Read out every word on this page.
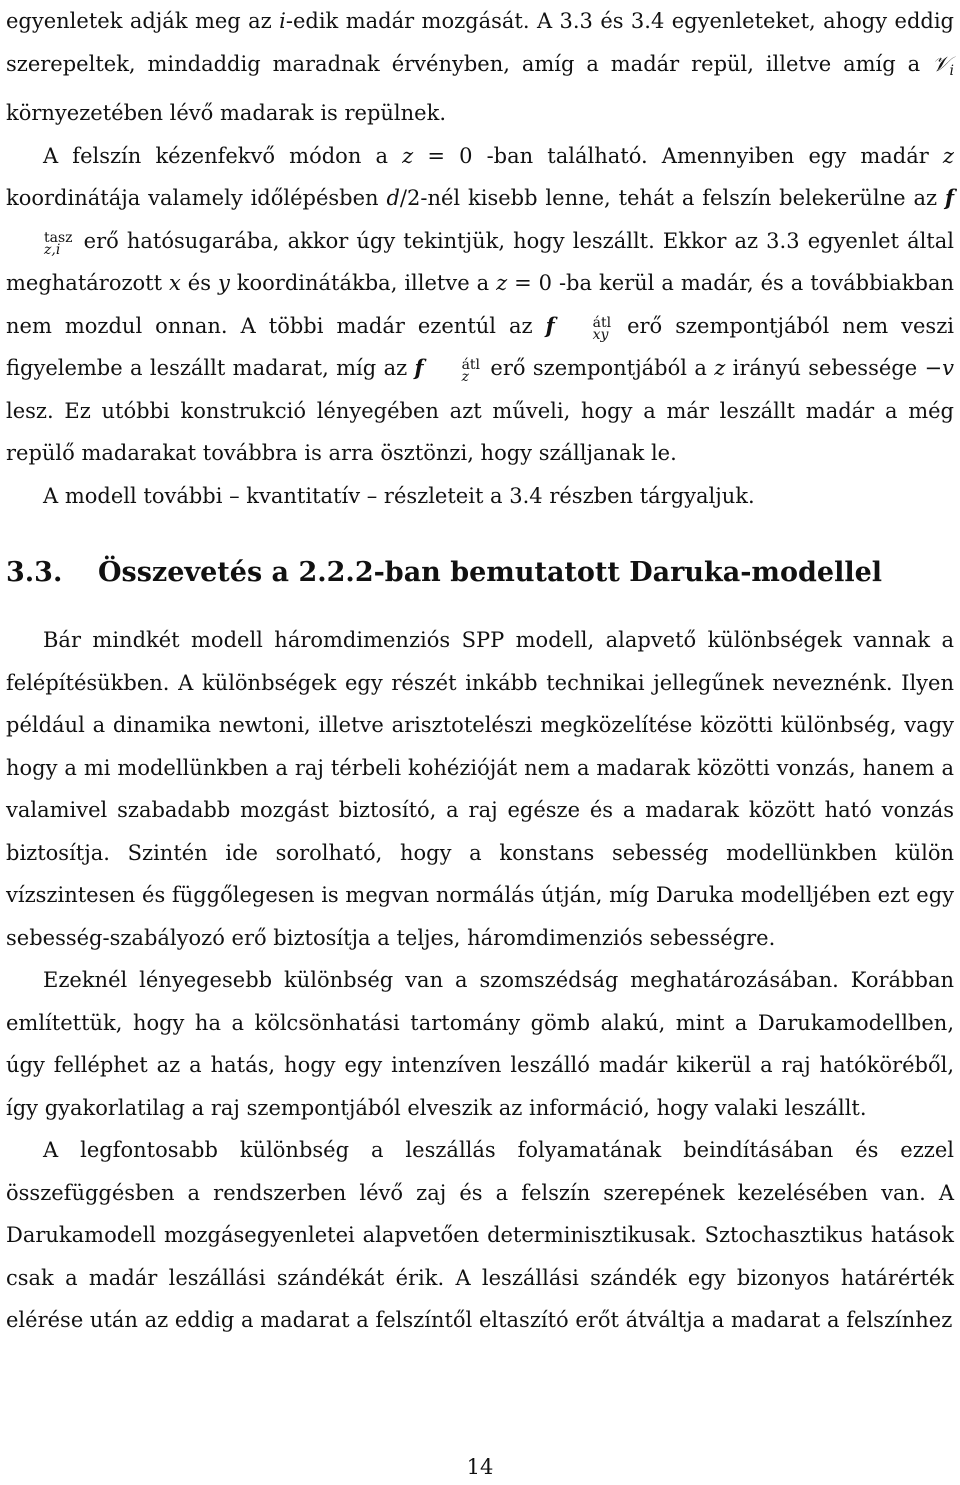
egyenletek adják meg az i-edik madár mozgását. A 3.3 és 3.4 egyenleteket, ahogy eddig szerepeltek, mindaddig maradnak érvényben, amíg a madár repül, illetve amíg a 𝒱$_i$ környezetében lévő madarak is repülnek.

A felszín kézenfekvő módon a z = 0 -ban található. Amennyiben egy madár z koordinátája valamely időlépésben d/2-nél kisebb lenne, tehát a felszín belekerülne az f
tasz
z,i erő hatósugarába, akkor úgy tekintjük, hogy leszállt. Ekkor az 3.3 egyenlet által meghatározott x és y koordinátákba, illetve a z = 0 -ba kerül a madár, és a továbbiakban nem mozdul onnan. A többi madár ezentúl az f	átl
xy erő szempontjából nem veszi figyelembe a leszállt madarat, míg az f	átl
z erő szempontjából a z irányú sebessége −v lesz. Ez utóbbi konstrukció lényegében azt műveli, hogy a már leszállt madár a még repülő madarakat továbbra is arra ösztönzi, hogy szálljanak le.

A modell további – kvantitatív – részleteit a 3.4 részben tárgyaljuk.

3.3. Összevetés a 2.2.2-ban bemutatott Daruka-modellel

Bár mindkét modell háromdimenziós SPP modell, alapvető különbségek vannak a felépítésükben. A különbségek egy részét inkább technikai jellegűnek neveznénk. Ilyen például a dinamika newtoni, illetve arisztotelészi megközelítése közötti különbség, vagy hogy a mi modellünkben a raj térbeli kohézióját nem a madarak közötti vonzás, hanem a valamivel szabadabb mozgást biztosító, a raj egésze és a madarak között ható vonzás biztosítja. Szintén ide sorolható, hogy a konstans sebesség modellünkben külön vízszintesen és függőlegesen is megvan normálás útján, míg Daruka modelljében ezt egy sebesség-szabályozó erő biztosítja a teljes, háromdimenziós sebességre.

Ezeknél lényegesebb különbség van a szomszédság meghatározásában. Korábban említettük, hogy ha a kölcsönhatási tartomány gömb alakú, mint a Darukamodellben, úgy felléphet az a hatás, hogy egy intenzíven leszálló madár kikerül a raj hatóköréből, így gyakorlatilag a raj szempontjából elveszik az információ, hogy valaki leszállt.

A legfontosabb különbség a leszállás folyamatának beindításában és ezzel összefüggésben a rendszerben lévő zaj és a felszín szerepének kezelésében van. A Darukamodell mozgásegyenletei alapvetően determinisztikusak. Sztochasztikus hatások csak a madár leszállási szándékát érik. A leszállási szándék egy bizonyos határérték elérése után az eddig a madarat a felszíntől eltaszító erőt átváltja a madarat a felszínhez

14
